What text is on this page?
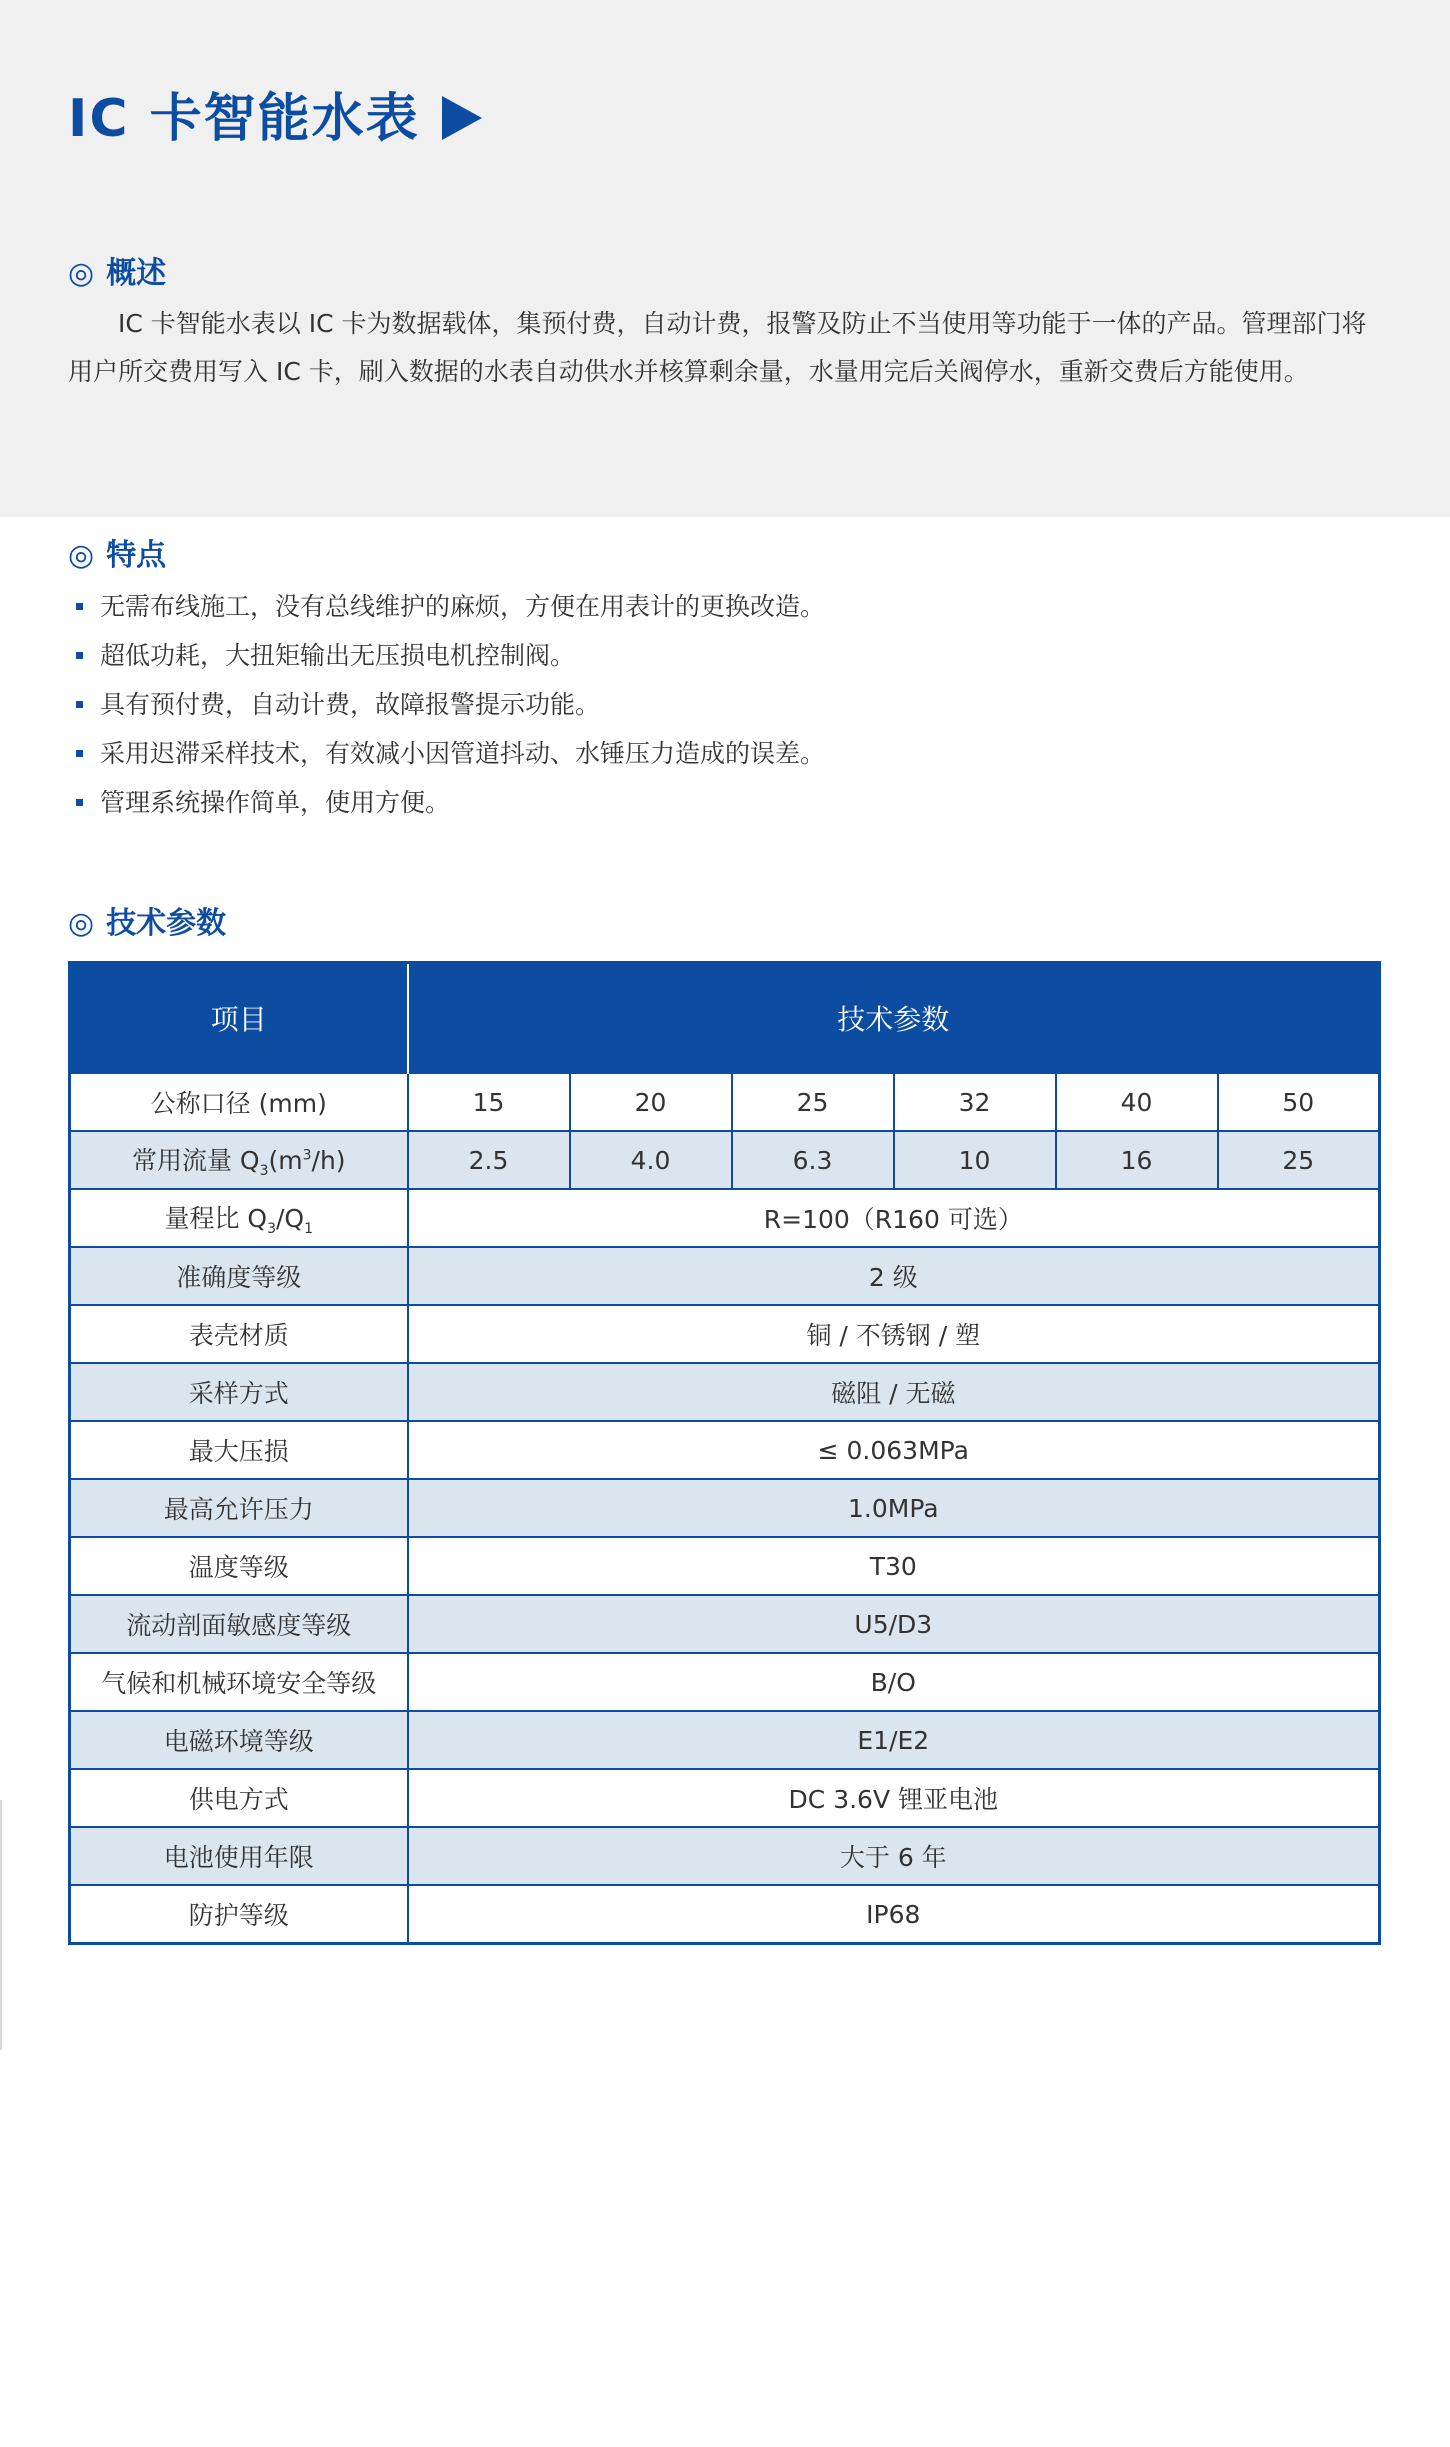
IC 卡智能水表
◎ 概述

IC 卡智能水表以 IC 卡为数据载体，集预付费，自动计费，报警及防止不当使用等功能于一体的产品。管理部门将用户所交费用写入 IC 卡，刷入数据的水表自动供水并核算剩余量，水量用完后关阀停水，重新交费后方能使用。

◎ 特点
无需布线施工，没有总线维护的麻烦，方便在用表计的更换改造。
超低功耗，大扭矩输出无压损电机控制阀。
具有预付费，自动计费，故障报警提示功能。
采用迟滞采样技术，有效减小因管道抖动、水锤压力造成的误差。
管理系统操作简单，使用方便。
◎ 技术参数
项目	技术参数					
公称口径 (mm)	15	20	25	32	40	50
常用流量 $Q_3(m^3/h)$	2.5	4.0	6.3	10	16	25
量程比 $Q_3/Q_1$	R=100（R160 可选）					
准确度等级	2 级					
表壳材质	铜 / 不锈钢 / 塑					
采样方式	磁阻 / 无磁					
最大压损	≤ 0.063MPa					
最高允许压力	1.0MPa					
温度等级	T30					
流动剖面敏感度等级	U5/D3					
气候和机械环境安全等级	B/O					
电磁环境等级	E1/E2					
供电方式	DC 3.6V 锂亚电池					
电池使用年限	大于 6 年					
防护等级	IP68					
